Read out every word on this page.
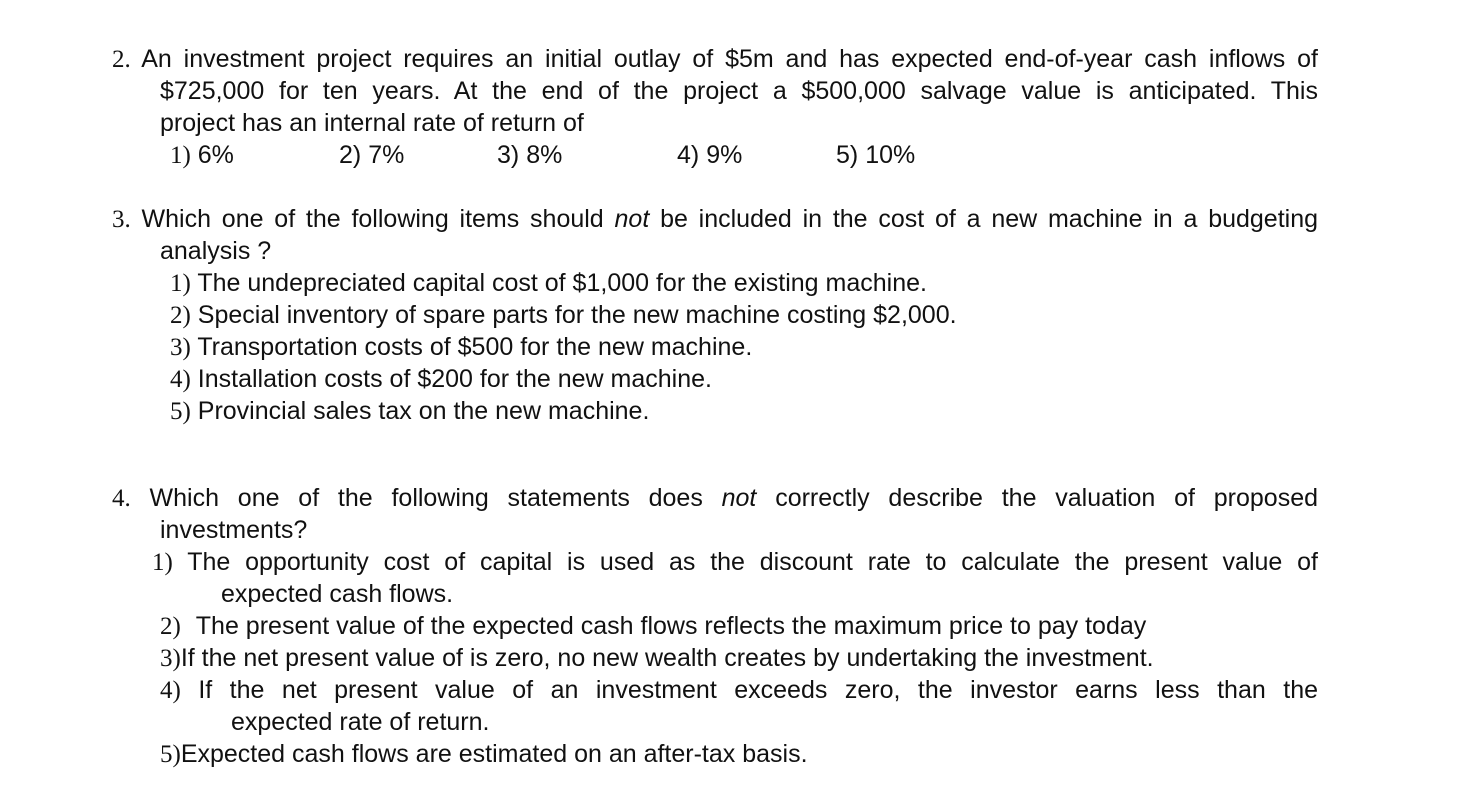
2. An investment project requires an initial outlay of $5m and has expected end-of-year cash inflows of
$725,000 for ten years. At the end of the project a $500,000 salvage value is anticipated. This
project has an internal rate of return of
1) 6%	2) 7%	3) 8%	4) 9%	5) 10%
3. Which one of the following items should not be included in the cost of a new machine in a budgeting
analysis ?
1) The undepreciated capital cost of $1,000 for the existing machine.
2) Special inventory of spare parts for the new machine costing $2,000.
3) Transportation costs of $500 for the new machine.
4) Installation costs of $200 for the new machine.
5) Provincial sales tax on the new machine.
4. Which one of the following statements does not correctly describe the valuation of proposed
investments?
1) The opportunity cost of capital is used as the discount rate to calculate the present value of
expected cash flows.
2) The present value of the expected cash flows reflects the maximum price to pay today
3)If the net present value of is zero, no new wealth creates by undertaking the investment.
4) If the net present value of an investment exceeds zero, the investor earns less than the
expected rate of return.
5)Expected cash flows are estimated on an after-tax basis.
